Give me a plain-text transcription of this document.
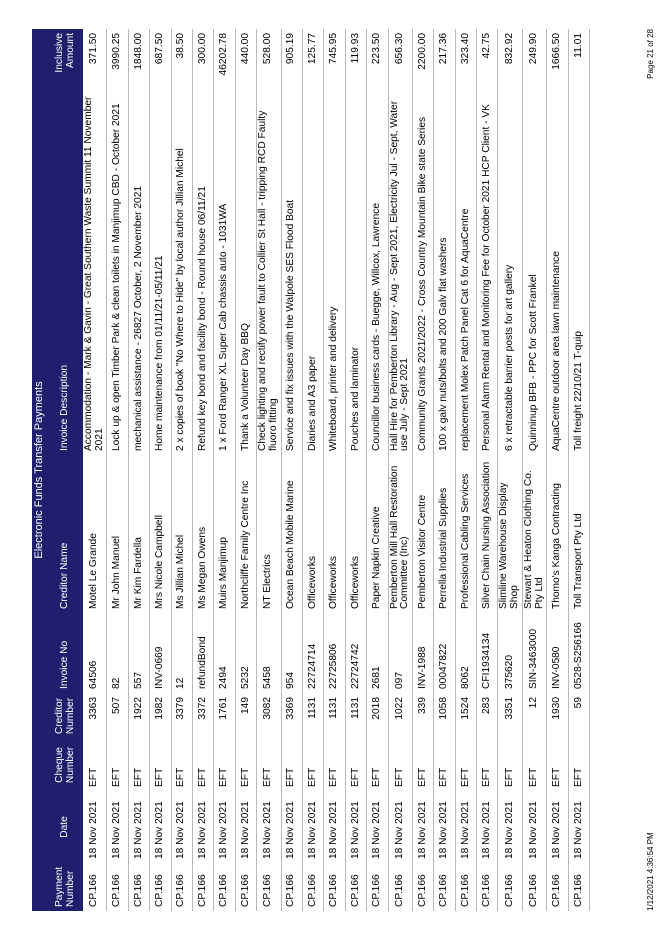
Electronic Funds Transfer Payments							
Payment Number	Date	Cheque Number	Creditor Number	Invoice No	Creditor Name	Invoice Description	Inclusive Amount
CP.166	18 Nov 2021	EFT	3363	64506	Motel Le Grande	Accommodation - Mark & Gavin - Great Southern Waste Summit 11 November 2021	371.50
CP.166	18 Nov 2021	EFT	507	82	Mr John Manuel	Lock up & open Timber Park & clean toilets in Manjimup CBD - October 2021	3990.25
CP.166	18 Nov 2021	EFT	1922	557	Mr Kim Fardella	mechanical assistance - 26827 October, 2 November 2021	1848.00
CP.166	18 Nov 2021	EFT	1982	INV-0669	Mrs Nicole Campbell	Home maintenance from 01/11/21-05/11/21	687.50
CP.166	18 Nov 2021	EFT	3379	12	Ms Jillian Michel	2 x copies of book "No Where to Hide" by local author Jillian Michel	38.50
CP.166	18 Nov 2021	EFT	3372	refundBond	Ms Megan Owens	Refund key bond and facility bond - Round house 06/11/21	300.00
CP.166	18 Nov 2021	EFT	1761	2494	Muirs Manjimup	1 x Ford Ranger XL Super Cab chassis auto - 1031WA	46202.78
CP.166	18 Nov 2021	EFT	149	5232	Northcliffe Family Centre Inc	Thank a Volunteer Day BBQ	440.00
CP.166	18 Nov 2021	EFT	3082	5458	NT Electrics	Check lighting and rectify power fault to Collier St Hall - tripping RCD Faulty fluoro fitting	528.00
CP.166	18 Nov 2021	EFT	3369	954	Ocean Beach Mobile Marine	Service and fix issues with the Walpole SES Flood Boat	905.19
CP.166	18 Nov 2021	EFT	1131	22724714	Officeworks	Diaries and A3 paper	125.77
CP.166	18 Nov 2021	EFT	1131	22725806	Officeworks	Whiteboard, printer and delivery	745.95
CP.166	18 Nov 2021	EFT	1131	22724742	Officeworks	Pouches and laminator	119.93
CP.166	18 Nov 2021	EFT	2018	2681	Paper Napkin Creative	Councillor business cards - Buegge, Willcox, Lawrence	223.50
CP.166	18 Nov 2021	EFT	1022	097	Pemberton Mill Hall Restoration Committee (Inc)	Hall Hire for Pemberton Library - Aug - Sept 2021, Electricity Jul - Sept, Water use July - Sept 2021	656.30
CP.166	18 Nov 2021	EFT	339	INV-1988	Pemberton Visitor Centre	Community Grants 2021/2022 - Cross Country Mountain Bike state Series	2200.00
CP.166	18 Nov 2021	EFT	1058	00047822	Perrella Industrial Supplies	100 x galv nuts/bolts and 200 Galv flat washers	217.36
CP.166	18 Nov 2021	EFT	1524	8062	Professional Cabling Services	replacement Molex Patch Panel Cat 6 for AquaCentre	323.40
CP.166	18 Nov 2021	EFT	283	CFI1934134	Silver Chain Nursing Association	Personal Alarm Rental and Monitoring Fee for October 2021 HCP Client - VK	42.75
CP.166	18 Nov 2021	EFT	3351	375620	Slimline Warehouse Display Shop	6 x retractable barrier posts for art gallery	832.92
CP.166	18 Nov 2021	EFT	12	SIN-3463000	Stewart & Heaton Clothing Co. Pty Ltd	Quinninup BFB - PPC for Scott Frankel	249.90
CP.166	18 Nov 2021	EFT	1930	INV-0580	Thomo's Kanga Contracting	AquaCentre outdoor area lawn maintenance	1666.50
CP.166	18 Nov 2021	EFT	59	0528-S256166	Toll Transport Pty Ltd	Toll freight 22/10/21 T-quip	11.01
1/12/2021 4:36:54 PM
Page 21 of 28
